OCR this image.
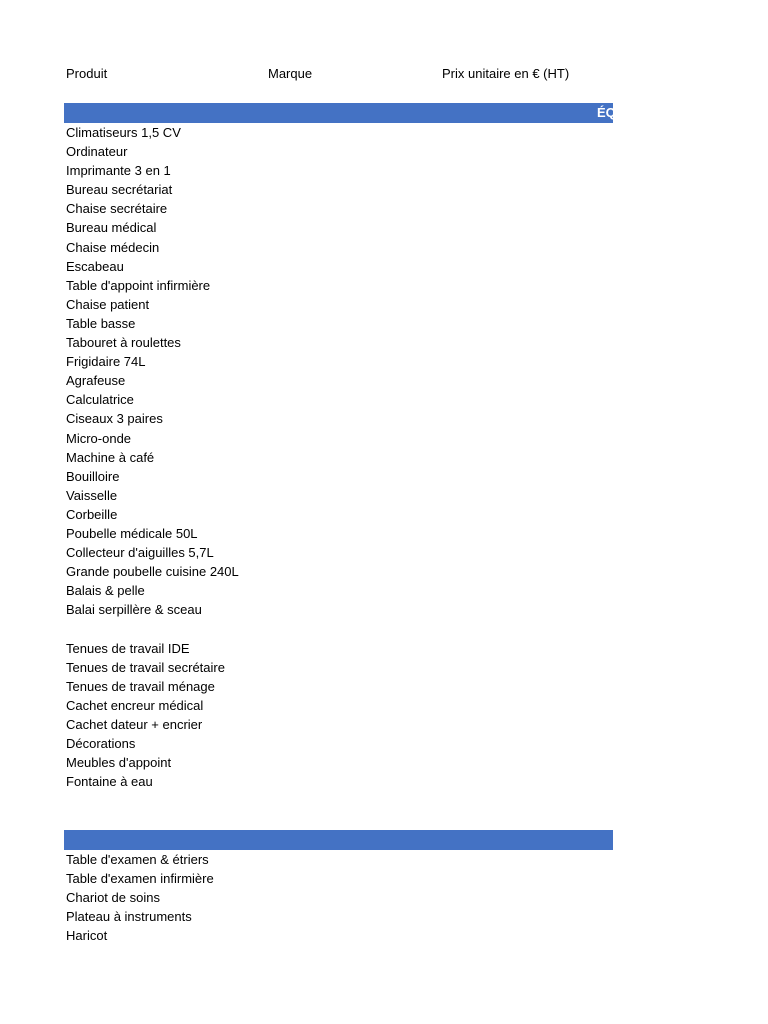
Produit	Marque	Prix unitaire en € (HT)
ÉQ
Climatiseurs 1,5 CV
Ordinateur
Imprimante 3 en 1
Bureau secrétariat
Chaise secrétaire
Bureau médical
Chaise médecin
Escabeau
Table d'appoint infirmière
Chaise patient
Table basse
Tabouret à roulettes
Frigidaire 74L
Agrafeuse
Calculatrice
Ciseaux 3 paires
Micro-onde
Machine à café
Bouilloire
Vaisselle
Corbeille
Poubelle médicale 50L
Collecteur d'aiguilles 5,7L
Grande poubelle cuisine 240L
Balais & pelle
Balai serpillère & sceau
Tenues de travail IDE
Tenues de travail secrétaire
Tenues de travail ménage
Cachet encreur médical
Cachet dateur + encrier
Décorations
Meubles d'appoint
Fontaine à eau
Table d'examen & étriers
Table d'examen infirmière
Chariot de soins
Plateau à instruments
Haricot
